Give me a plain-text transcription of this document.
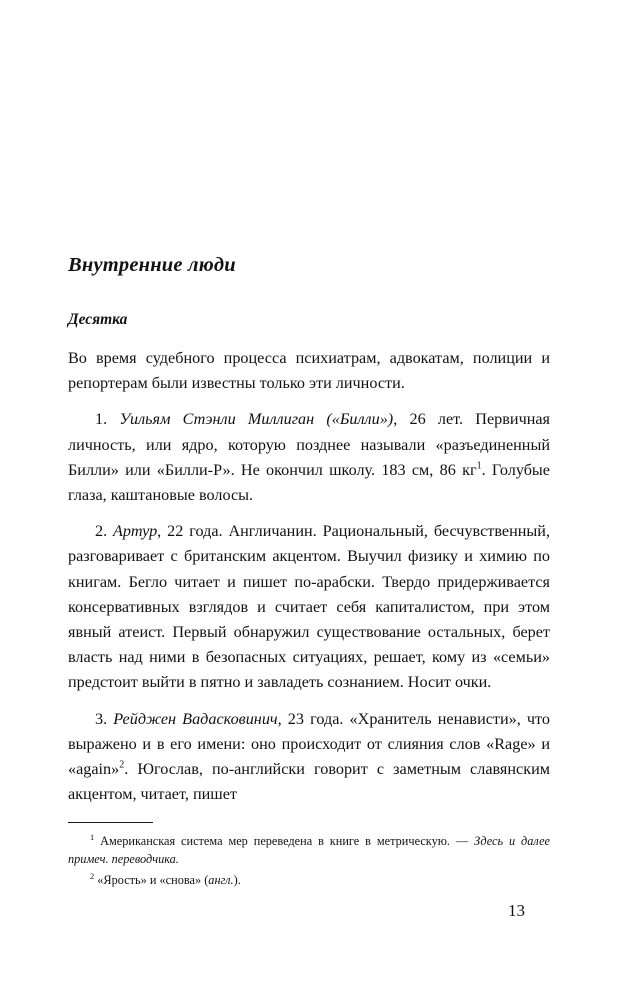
Внутренние люди
Десятка

Во время судебного процесса психиатрам, адвокатам, полиции и репортерам были известны только эти личности.

1. Уильям Стэнли Миллиган («Билли»), 26 лет. Первичная личность, или ядро, которую позднее называли «разъединенный Билли» или «Билли-Р». Не окончил школу. 183 см, 86 $кг^1$. Голубые глаза, каштановые волосы.

2. Артур, 22 года. Англичанин. Рациональный, бесчувственный, разговаривает с британским акцентом. Выучил физику и химию по книгам. Бегло читает и пишет по-арабски. Твердо придерживается консервативных взглядов и считает себя капиталистом, при этом явный атеист. Первый обнаружил существование остальных, берет власть над ними в безопасных ситуациях, решает, кому из «семьи» предстоит выйти в пятно и завладеть сознанием. Носит очки.

3. Рейджен Вадасковинич, 23 года. «Хранитель ненависти», что выражено и в его имени: оно происходит от слияния слов «Rage» и «again»$^2$. Югослав, по-английски говорит с заметным славянским акцентом, читает, пишет

$^1$ Американская система мер переведена в книге в метрическую. — Здесь и далее примеч. переводчика.

$^2$ «Ярость» и «снова» (англ.).

13
